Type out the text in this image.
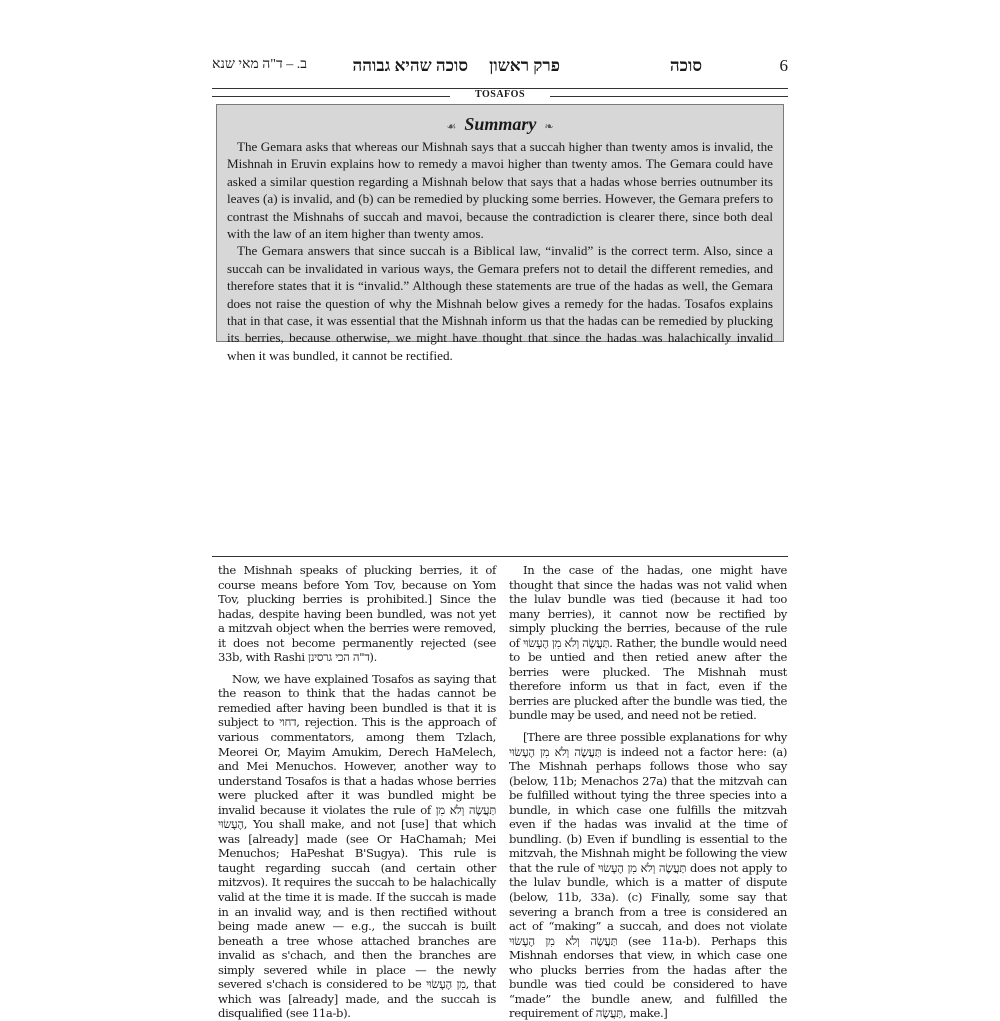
6
סוכה
פרק ראשון
סוכה שהיא גבוהה
ב. – ד"ה מאי שנא
TOSAFOS
☙ Summary ❧

The Gemara asks that whereas our Mishnah says that a succah higher than twenty amos is invalid, the Mishnah in Eruvin explains how to remedy a mavoi higher than twenty amos. The Gemara could have asked a similar question regarding a Mishnah below that says that a hadas whose berries outnumber its leaves (a) is invalid, and (b) can be remedied by plucking some berries. However, the Gemara prefers to contrast the Mishnahs of succah and mavoi, because the contradiction is clearer there, since both deal with the law of an item higher than twenty amos.

The Gemara answers that since succah is a Biblical law, “invalid” is the correct term. Also, since a succah can be invalidated in various ways, the Gemara prefers not to detail the different remedies, and therefore states that it is “invalid.” Although these statements are true of the hadas as well, the Gemara does not raise the question of why the Mishnah below gives a remedy for the hadas. Tosafos explains that in that case, it was essential that the Mishnah inform us that the hadas can be remedied by plucking its berries, because otherwise, we might have thought that since the hadas was halachically invalid when it was bundled, it cannot be rectified.

the Mishnah speaks of plucking berries, it of course means before Yom Tov, because on Yom Tov, plucking berries is prohibited.] Since the hadas, despite having been bundled, was not yet a mitzvah object when the berries were removed, it does not become permanently rejected (see 33b, with Rashi ד"ה הכי גרסינן).

Now, we have explained Tosafos as saying that the reason to think that the hadas cannot be remedied after having been bundled is that it is subject to דחוי, rejection. This is the approach of various commentators, among them Tzlach, Meorei Or, Mayim Amukim, Derech HaMelech, and Mei Menuchos. However, another way to understand Tosafos is that a hadas whose berries were plucked after it was bundled might be invalid because it violates the rule of תַּעֲשֶׂה וְלֹא מִן הֶעָשׂוּי, You shall make, and not [use] that which was [already] made (see Or HaChamah; Mei Menuchos; HaPeshat B'Sugya). This rule is taught regarding succah (and certain other mitzvos). It requires the succah to be halachically valid at the time it is made. If the succah is made in an invalid way, and is then rectified without being made anew — e.g., the succah is built beneath a tree whose attached branches are invalid as s'chach, and then the branches are simply severed while in place — the newly severed s'chach is considered to be מִן הֶעָשׂוּי, that which was [already] made, and the succah is disqualified (see 11a-b).

In the case of the hadas, one might have thought that since the hadas was not valid when the lulav bundle was tied (because it had too many berries), it cannot now be rectified by simply plucking the berries, because of the rule of תַּעֲשֶׂה וְלֹא מִן הֶעָשׂוּי. Rather, the bundle would need to be untied and then retied anew after the berries were plucked. The Mishnah must therefore inform us that in fact, even if the berries are plucked after the bundle was tied, the bundle may be used, and need not be retied.

[There are three possible explanations for why תַּעֲשֶׂה וְלֹא מִן הֶעָשׂוּי is indeed not a factor here: (a) The Mishnah perhaps follows those who say (below, 11b; Menachos 27a) that the mitzvah can be fulfilled without tying the three species into a bundle, in which case one fulfills the mitzvah even if the hadas was invalid at the time of bundling. (b) Even if bundling is essential to the mitzvah, the Mishnah might be following the view that the rule of תַּעֲשֶׂה וְלֹא מִן הֶעָשׂוּי does not apply to the lulav bundle, which is a matter of dispute (below, 11b, 33a). (c) Finally, some say that severing a branch from a tree is considered an act of “making” a succah, and does not violate תַּעֲשֶׂה וְלֹא מִן הֶעָשׂוּי (see 11a-b). Perhaps this Mishnah endorses that view, in which case one who plucks berries from the hadas after the bundle was tied could be considered to have “made” the bundle anew, and fulfilled the requirement of תַּעֲשֶׂה, make.]
